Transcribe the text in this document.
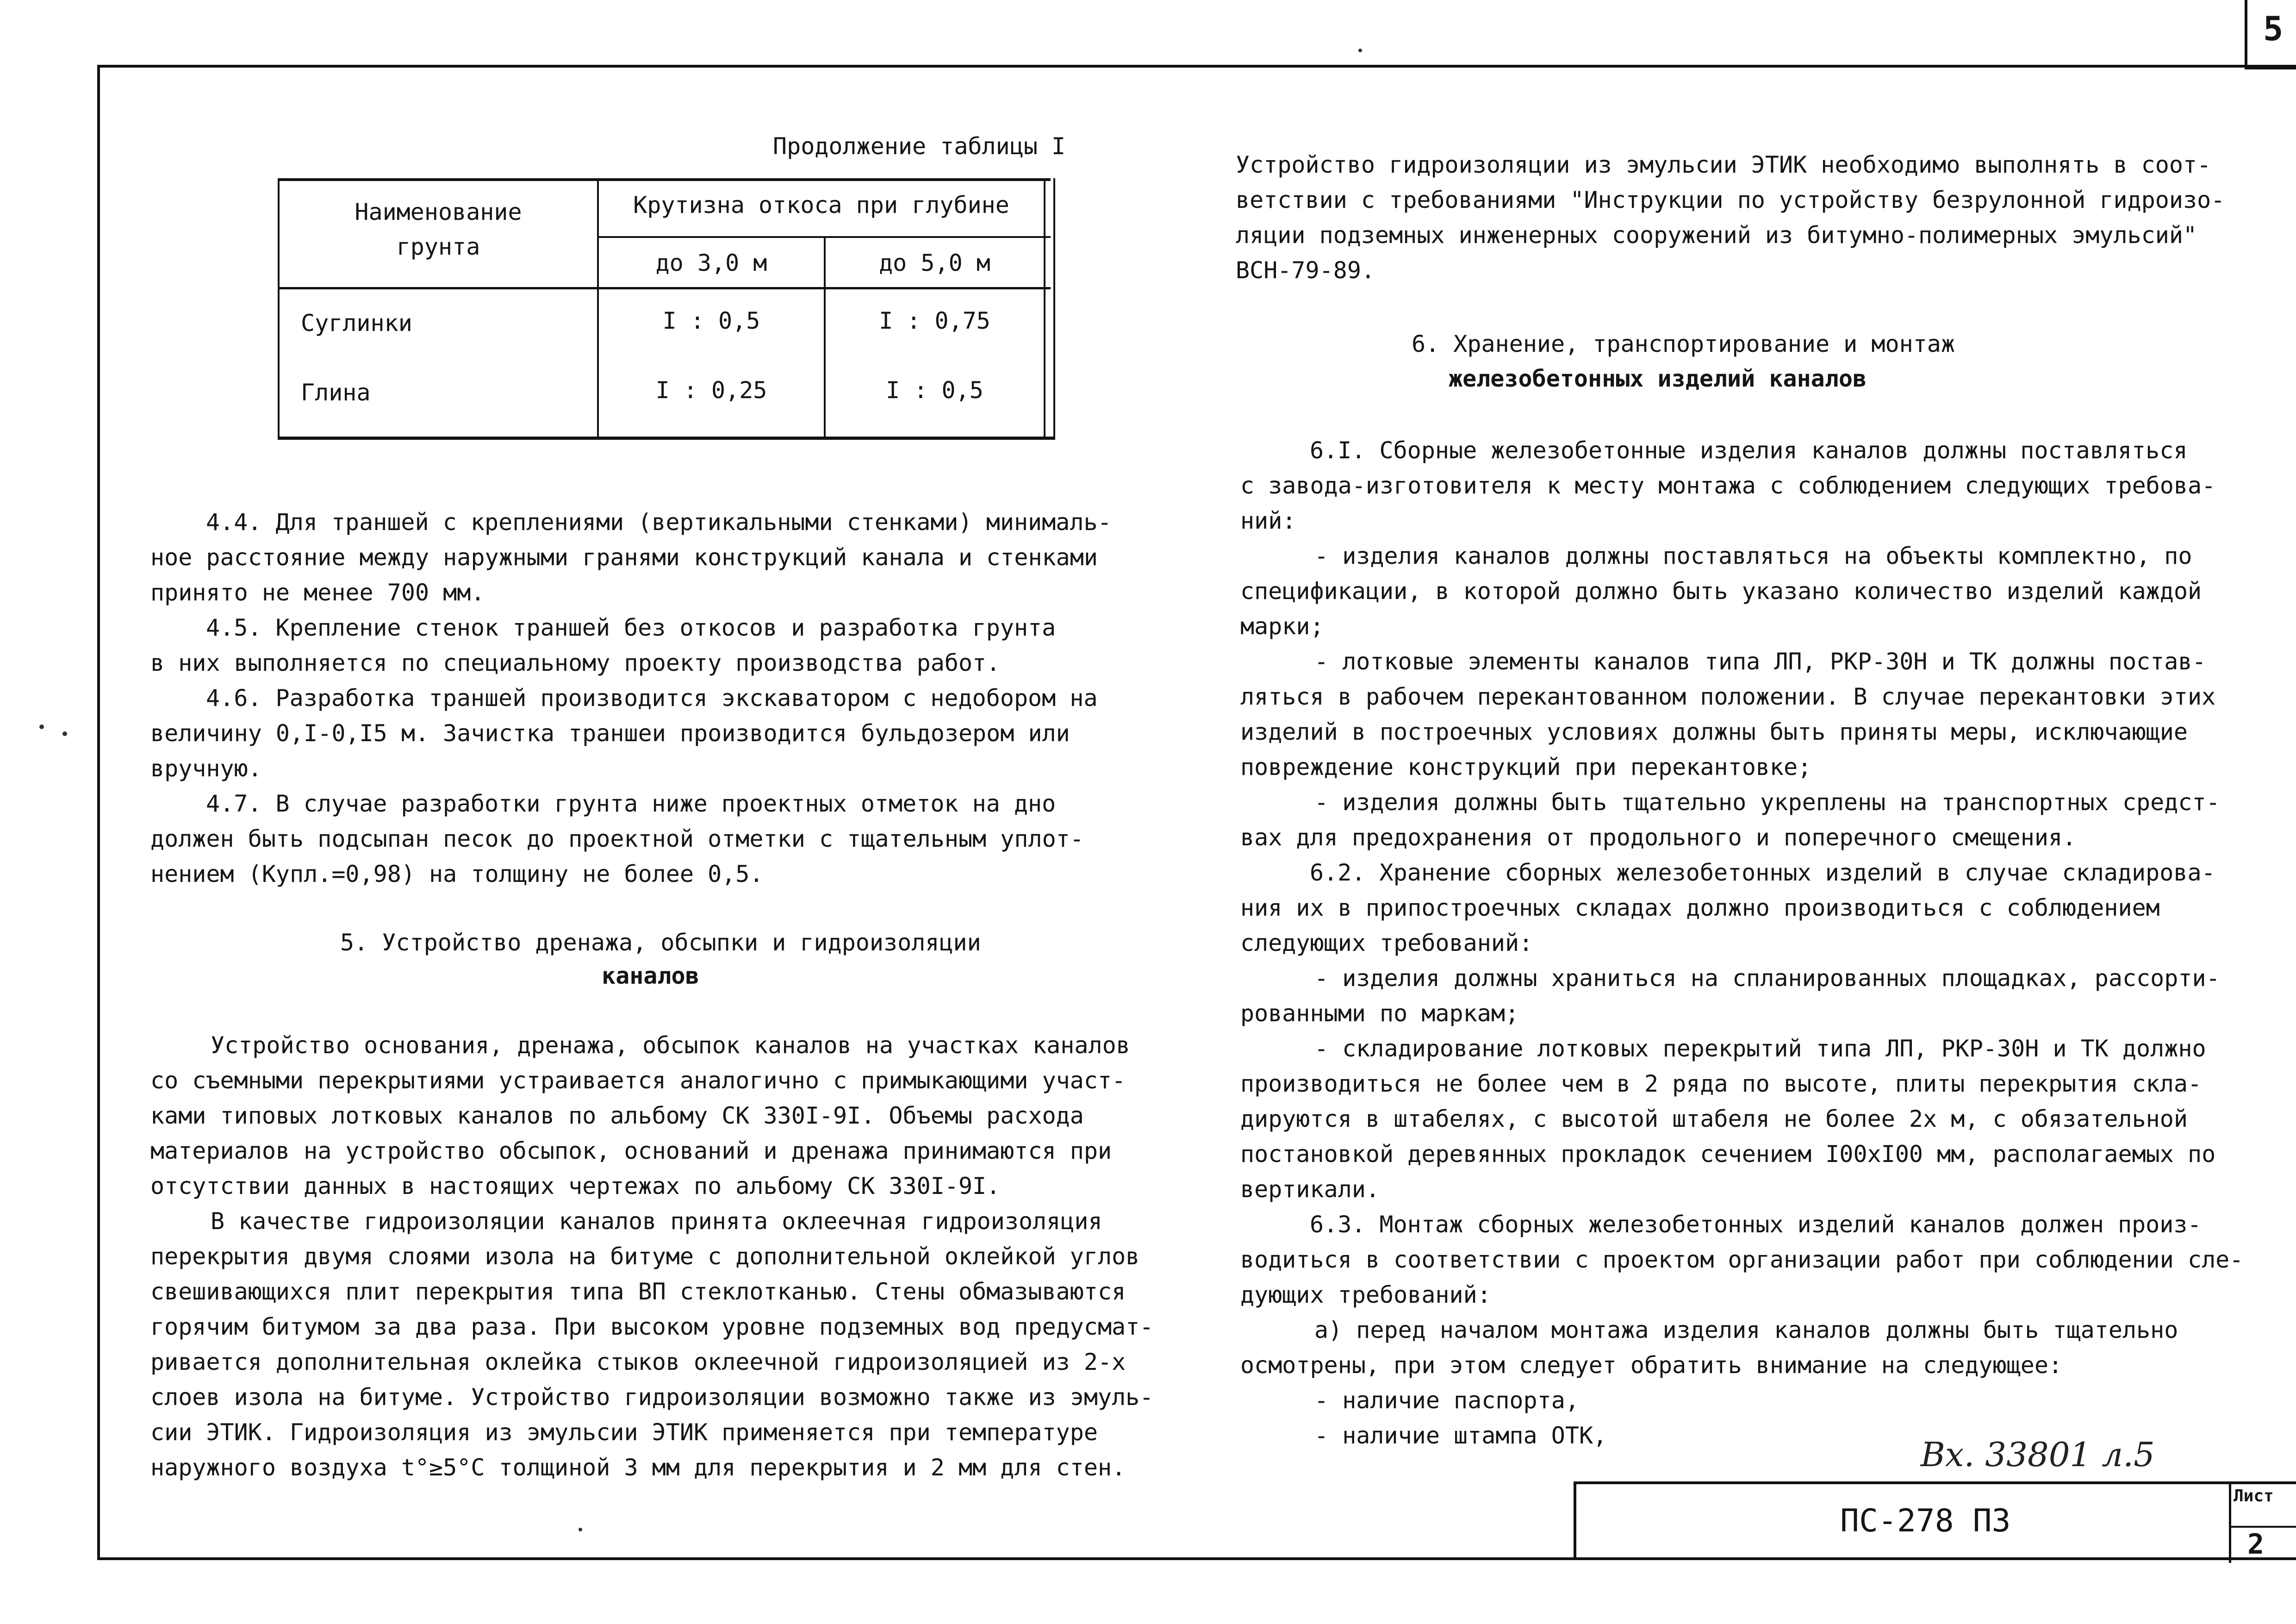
5
Продолжение таблицы I
Наименование
грунта
Крутизна откоса при глубине
до 3,0 м	до 5,0 м
Суглинки	I : 0,5	I : 0,75
Глина	I : 0,25	I : 0,5
4.4. Для траншей с креплениями (вертикальными стенками) минималь-
ное расстояние между наружными гранями конструкций канала и стенками
принято не менее 700 мм.
4.5. Крепление стенок траншей без откосов и разработка грунта
в них выполняется по специальному проекту производства работ.
4.6. Разработка траншей производится экскаватором с недобором на
величину 0,I-0,I5 м. Зачистка траншеи производится бульдозером или
вручную.
4.7. В случае разработки грунта ниже проектных отметок на дно
должен быть подсыпан песок до проектной отметки с тщательным уплот-
нением (Купл.=0,98) на толщину не более 0,5.
5. Устройство дренажа, обсыпки и гидроизоляции
каналов
Устройство основания, дренажа, обсыпок каналов на участках каналов
со съемными перекрытиями устраивается аналогично с примыкающими участ-
ками типовых лотковых каналов по альбому СК 330I-9I. Объемы расхода
материалов на устройство обсыпок, оснований и дренажа принимаются при
отсутствии данных в настоящих чертежах по альбому СК 330I-9I.
В качестве гидроизоляции каналов принята оклеечная гидроизоляция
перекрытия двумя слоями изола на битуме с дополнительной оклейкой углов
свешивающихся плит перекрытия типа ВП стеклотканью. Стены обмазываются
горячим битумом за два раза. При высоком уровне подземных вод предусмат-
ривается дополнительная оклейка стыков оклеечной гидроизоляцией из 2-х
слоев изола на битуме. Устройство гидроизоляции возможно также из эмуль-
сии ЭТИК. Гидроизоляция из эмульсии ЭТИК применяется при температуре
наружного воздуха t°≥5°C толщиной 3 мм для перекрытия и 2 мм для стен.
Устройство гидроизоляции из эмульсии ЭТИК необходимо выполнять в соот-
ветствии с требованиями "Инструкции по устройству безрулонной гидроизо-
ляции подземных инженерных сооружений из битумно-полимерных эмульсий"
ВСН-79-89.
6. Хранение, транспортирование и монтаж
железобетонных изделий каналов
6.I. Сборные железобетонные изделия каналов должны поставляться
с завода-изготовителя к месту монтажа с соблюдением следующих требова-
ний:
- изделия каналов должны поставляться на объекты комплектно, по
спецификации, в которой должно быть указано количество изделий каждой
марки;
- лотковые элементы каналов типа ЛП, РКР-30Н и ТК должны постав-
ляться в рабочем перекантованном положении. В случае перекантовки этих
изделий в построечных условиях должны быть приняты меры, исключающие
повреждение конструкций при перекантовке;
- изделия должны быть тщательно укреплены на транспортных средст-
вах для предохранения от продольного и поперечного смещения.
6.2. Хранение сборных железобетонных изделий в случае складирова-
ния их в припостроечных складах должно производиться с соблюдением
следующих требований:
- изделия должны храниться на спланированных площадках, рассорти-
рованными по маркам;
- складирование лотковых перекрытий типа ЛП, РКР-30Н и ТК должно
производиться не более чем в 2 ряда по высоте, плиты перекрытия скла-
дируются в штабелях, с высотой штабеля не более 2х м, с обязательной
постановкой деревянных прокладок сечением I00хI00 мм, располагаемых по
вертикали.
6.3. Монтаж сборных железобетонных изделий каналов должен произ-
водиться в соответствии с проектом организации работ при соблюдении сле-
дующих требований:
а) перед началом монтажа изделия каналов должны быть тщательно
осмотрены, при этом следует обратить внимание на следующее:
- наличие паспорта,
- наличие штампа ОТК,	Вх. 33801 л.5
ПС-278 ПЗ
Лист
2
